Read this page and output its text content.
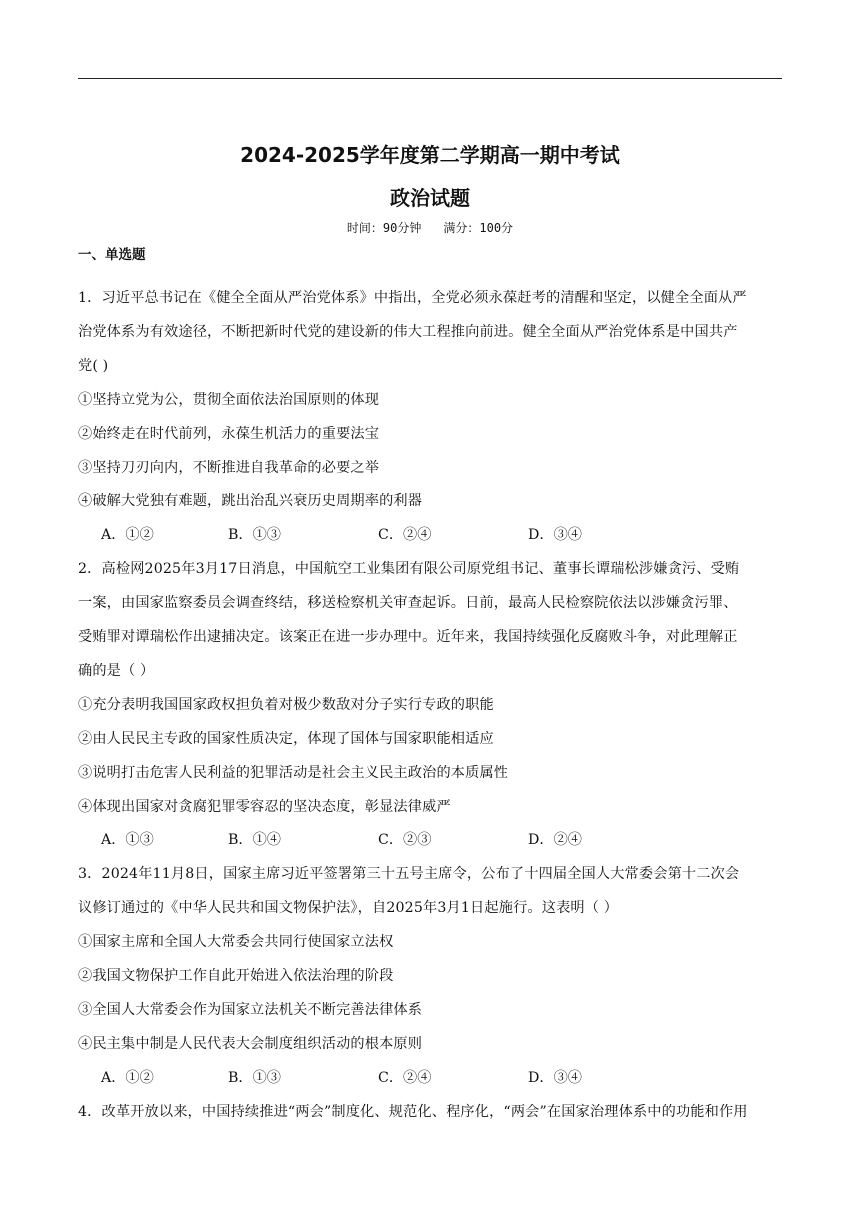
2024-2025学年度第二学期高一期中考试
政治试题
时间：90分钟 满分：100分
一、单选题
1．习近平总书记在《健全全面从严治党体系》中指出，全党必须永葆赶考的清醒和坚定，以健全全面从严
治党体系为有效途径，不断把新时代党的建设新的伟大工程推向前进。健全全面从严治党体系是中国共产
党( )
①坚持立党为公，贯彻全面依法治国原则的体现
②始终走在时代前列，永葆生机活力的重要法宝
③坚持刀刃向内，不断推进自我革命的必要之举
④破解大党独有难题，跳出治乱兴衰历史周期率的利器
A．①②	B．①③	C．②④	D．③④
2．高检网2025年3月17日消息，中国航空工业集团有限公司原党组书记、董事长谭瑞松涉嫌贪污、受贿
一案，由国家监察委员会调查终结，移送检察机关审查起诉。日前，最高人民检察院依法以涉嫌贪污罪、
受贿罪对谭瑞松作出逮捕决定。该案正在进一步办理中。近年来，我国持续强化反腐败斗争，对此理解正
确的是（ ）
①充分表明我国国家政权担负着对极少数敌对分子实行专政的职能
②由人民民主专政的国家性质决定，体现了国体与国家职能相适应
③说明打击危害人民利益的犯罪活动是社会主义民主政治的本质属性
④体现出国家对贪腐犯罪零容忍的坚决态度，彰显法律威严
A．①③	B．①④	C．②③	D．②④
3．2024年11月8日，国家主席习近平签署第三十五号主席令，公布了十四届全国人大常委会第十二次会
议修订通过的《中华人民共和国文物保护法》，自2025年3月1日起施行。这表明（ ）
①国家主席和全国人大常委会共同行使国家立法权
②我国文物保护工作自此开始进入依法治理的阶段
③全国人大常委会作为国家立法机关不断完善法律体系
④民主集中制是人民代表大会制度组织活动的根本原则
A．①②	B．①③	C．②④	D．③④
4．改革开放以来，中国持续推进“两会”制度化、规范化、程序化，“两会”在国家治理体系中的功能和作用
